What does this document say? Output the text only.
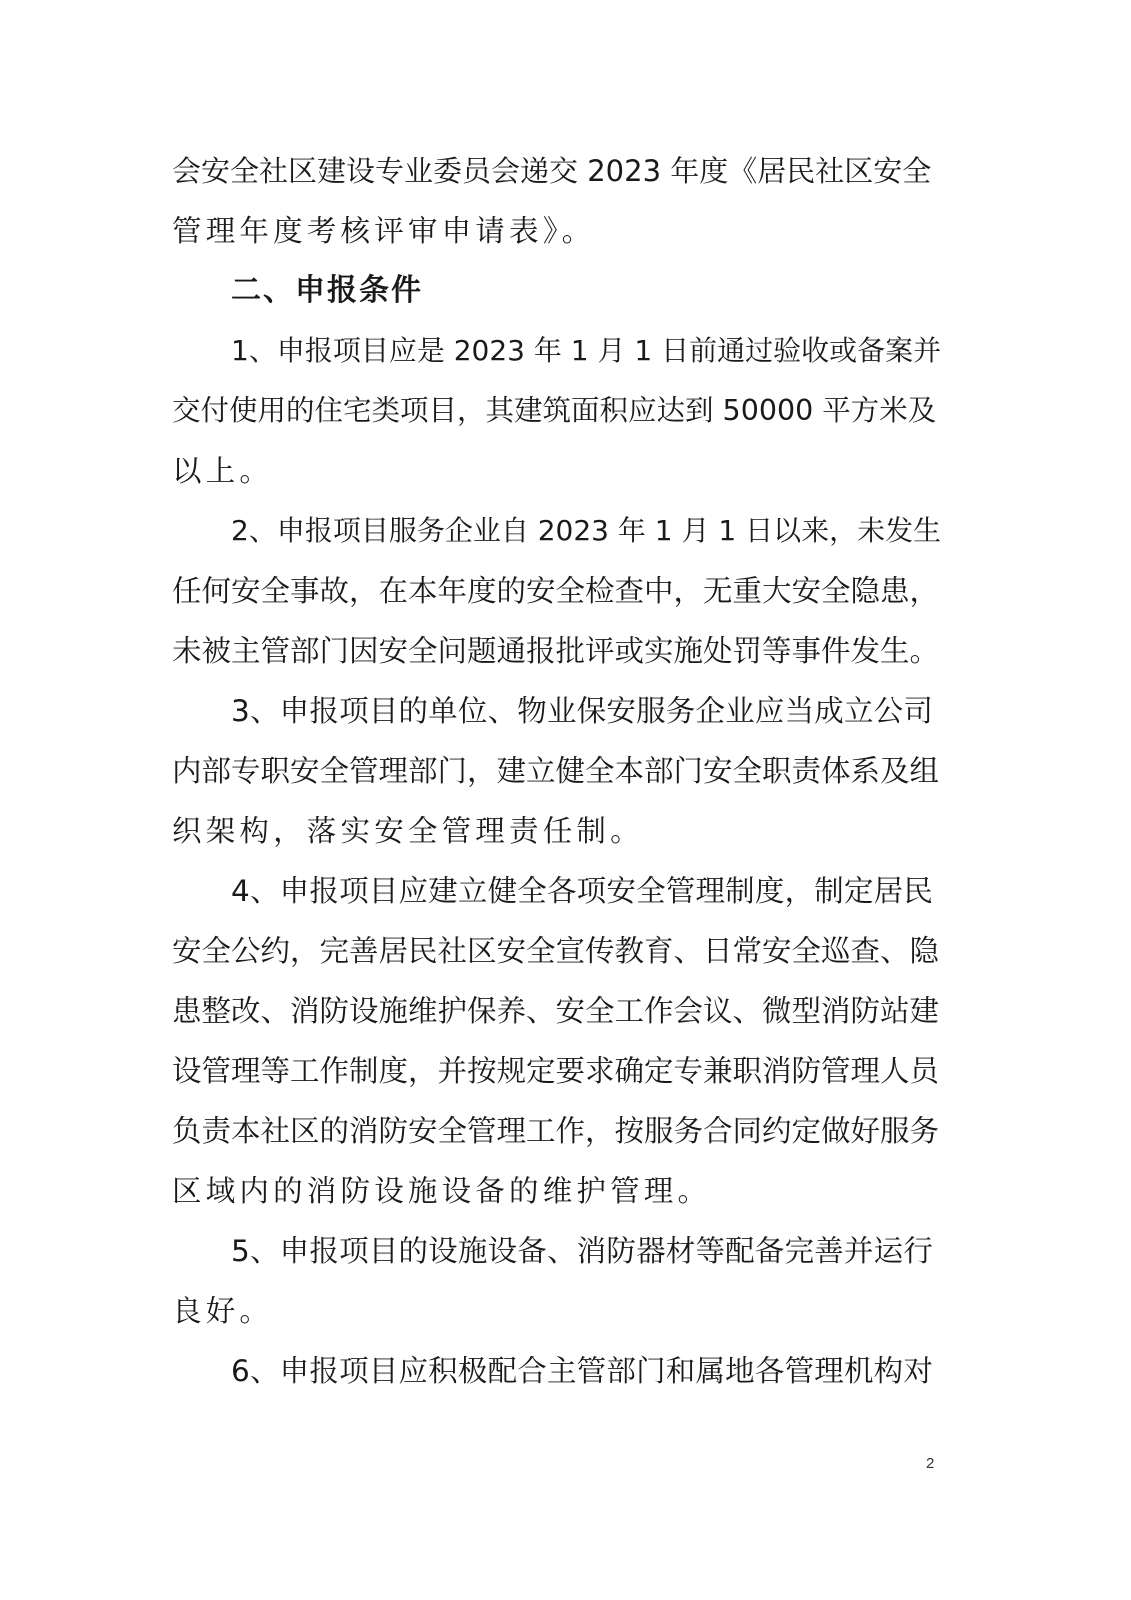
会安全社区建设专业委员会递交 2023 年度《居民社区安全
管理年度考核评审申请表》。
二、申报条件
1、申报项目应是 2023 年 1 月 1 日前通过验收或备案并
交付使用的住宅类项目，其建筑面积应达到 50000 平方米及
以上。
2、申报项目服务企业自 2023 年 1 月 1 日以来，未发生
任何安全事故，在本年度的安全检查中，无重大安全隐患，
未被主管部门因安全问题通报批评或实施处罚等事件发生。
3、申报项目的单位、物业保安服务企业应当成立公司
内部专职安全管理部门，建立健全本部门安全职责体系及组
织架构，落实安全管理责任制。
4、申报项目应建立健全各项安全管理制度，制定居民
安全公约，完善居民社区安全宣传教育、日常安全巡查、隐
患整改、消防设施维护保养、安全工作会议、微型消防站建
设管理等工作制度，并按规定要求确定专兼职消防管理人员
负责本社区的消防安全管理工作，按服务合同约定做好服务
区域内的消防设施设备的维护管理。
5、申报项目的设施设备、消防器材等配备完善并运行
良好。
6、申报项目应积极配合主管部门和属地各管理机构对
2
